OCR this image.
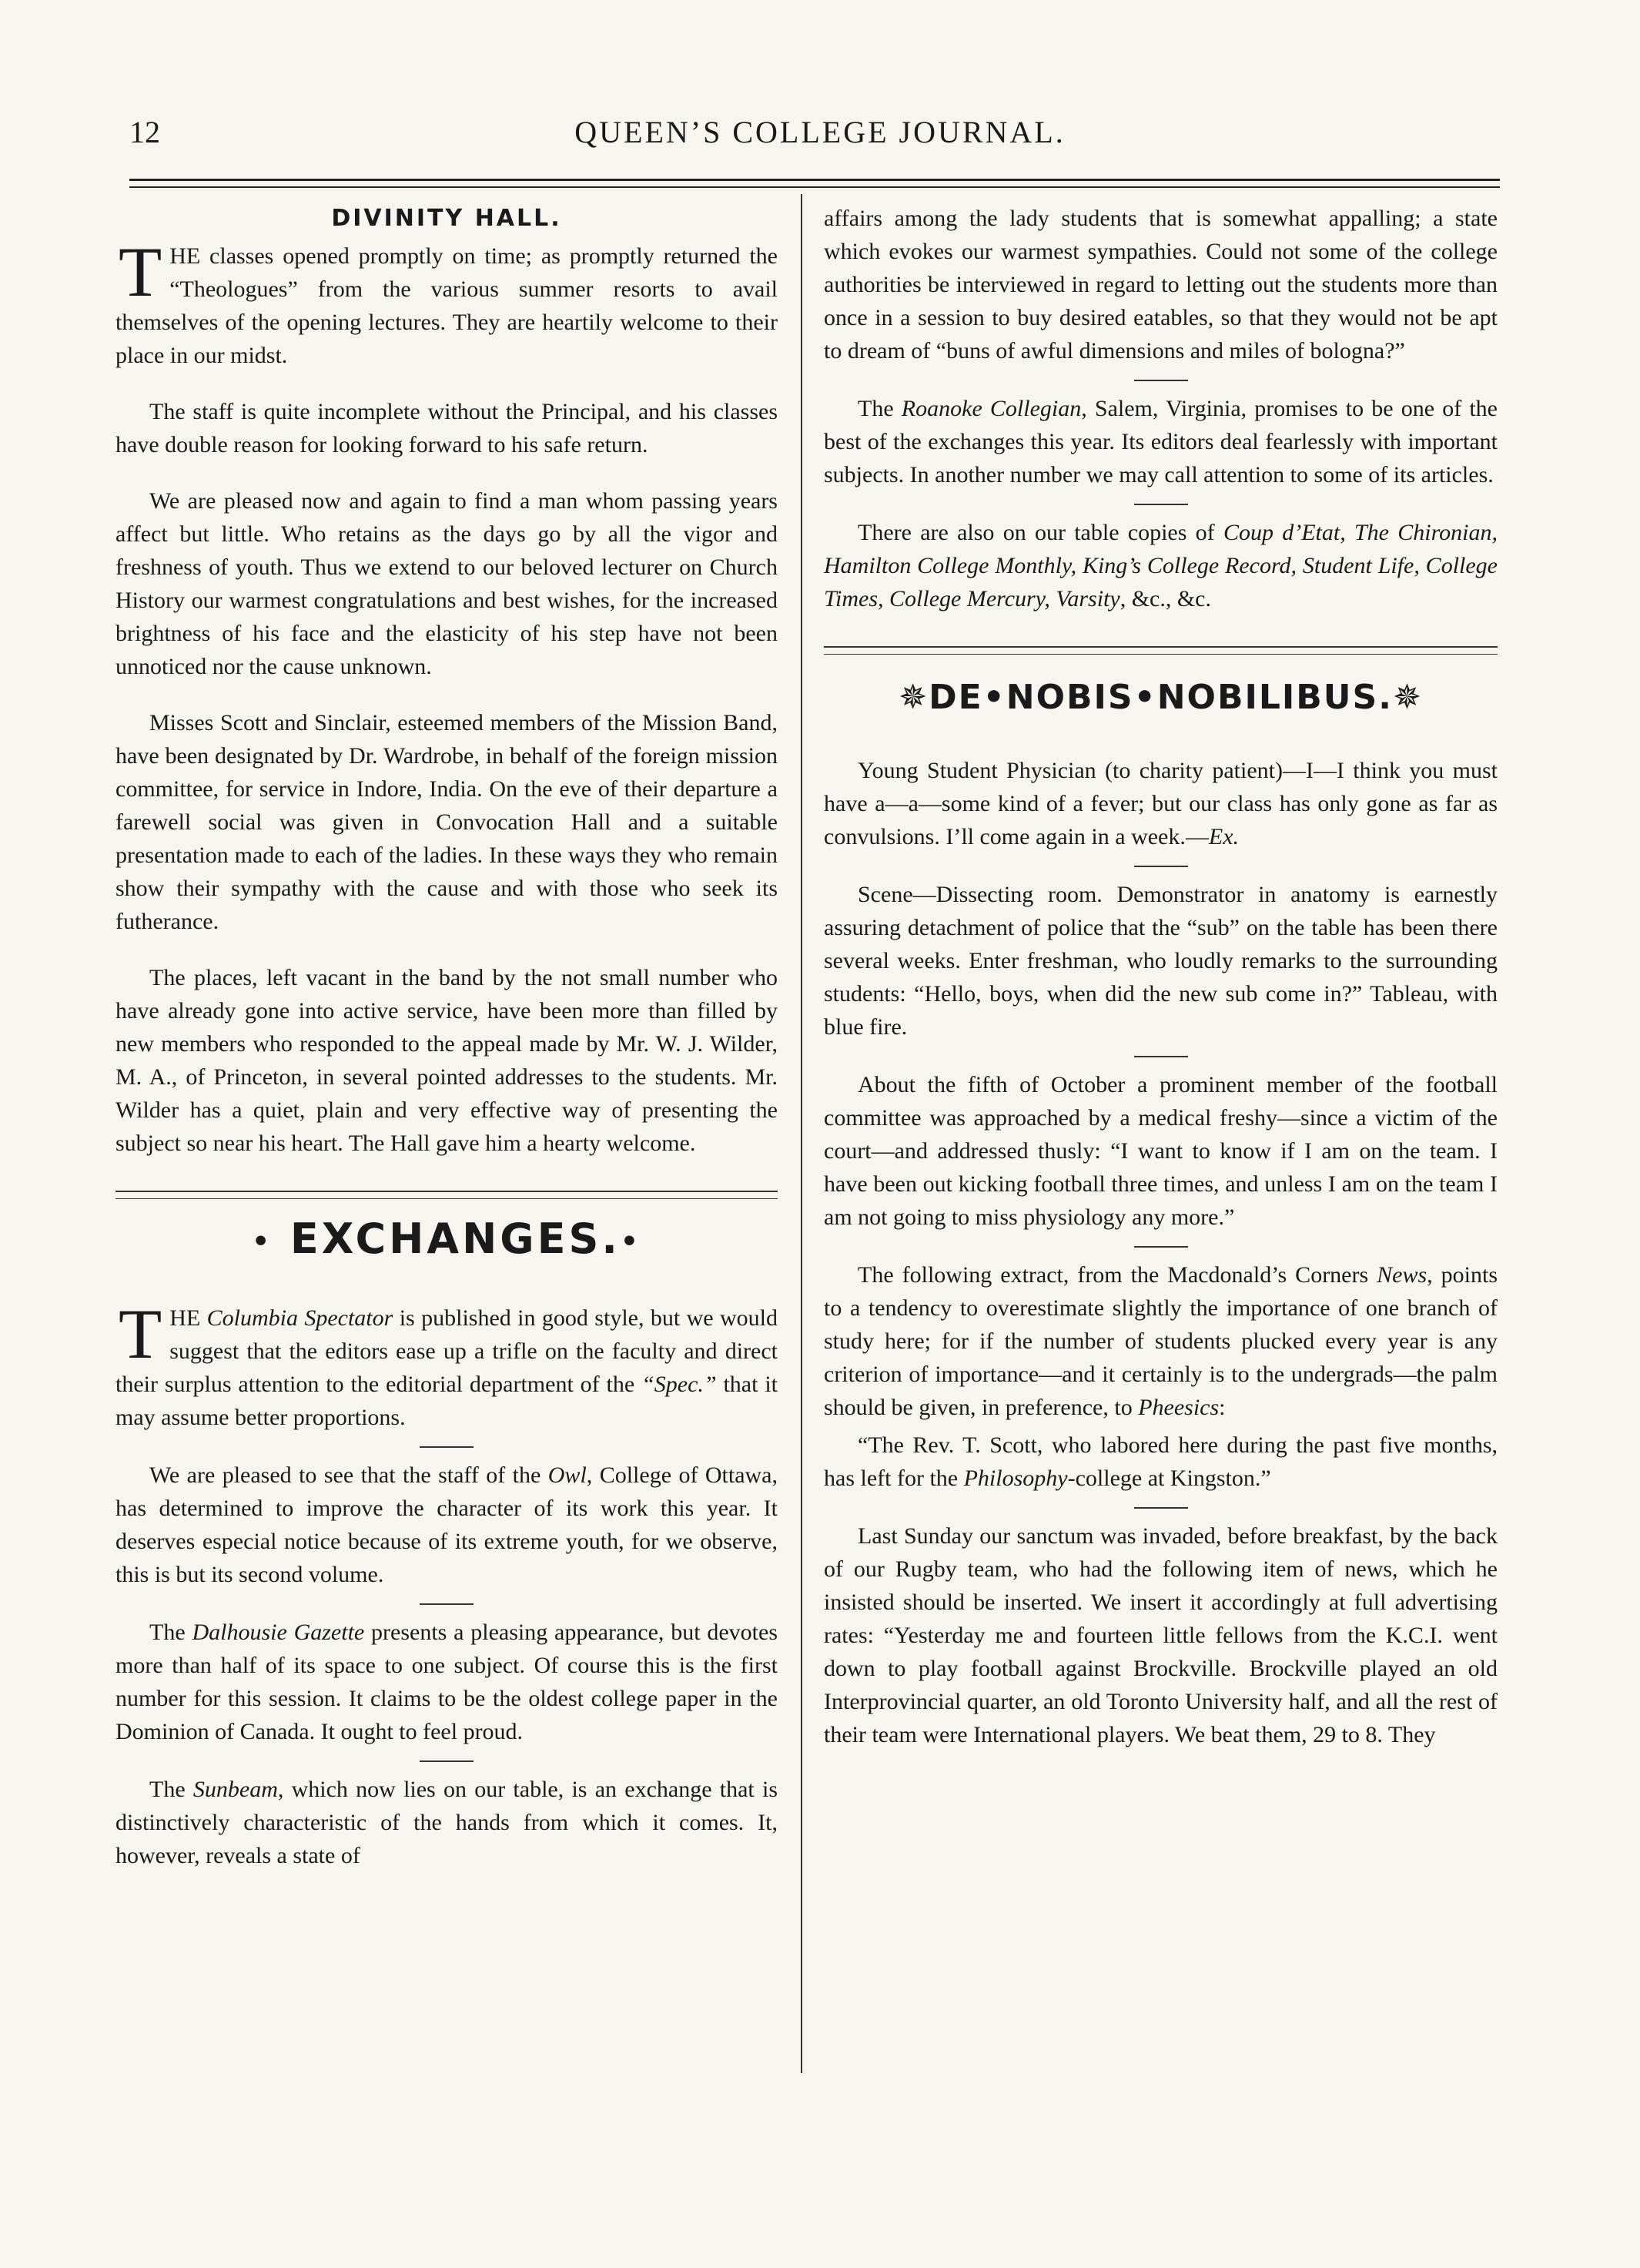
12	QUEEN’S COLLEGE JOURNAL.
DIVINITY HALL.

THE classes opened promptly on time; as promptly returned the “Theologues” from the various summer resorts to avail themselves of the opening lectures. They are heartily welcome to their place in our midst.

The staff is quite incomplete without the Principal, and his classes have double reason for looking forward to his safe return.

We are pleased now and again to find a man whom passing years affect but little. Who retains as the days go by all the vigor and freshness of youth. Thus we extend to our beloved lecturer on Church History our warmest congratulations and best wishes, for the increased brightness of his face and the elasticity of his step have not been unnoticed nor the cause unknown.

Misses Scott and Sinclair, esteemed members of the Mission Band, have been designated by Dr. Wardrobe, in behalf of the foreign mission committee, for service in Indore, India. On the eve of their departure a farewell social was given in Convocation Hall and a suitable presentation made to each of the ladies. In these ways they who remain show their sympathy with the cause and with those who seek its futherance.

The places, left vacant in the band by the not small number who have already gone into active service, have been more than filled by new members who responded to the appeal made by Mr. W. J. Wilder, M. A., of Princeton, in several pointed addresses to the students. Mr. Wilder has a quiet, plain and very effective way of presenting the subject so near his heart. The Hall gave him a hearty welcome.

• EXCHANGES.•

THE Columbia Spectator is published in good style, but we would suggest that the editors ease up a trifle on the faculty and direct their surplus attention to the editorial department of the “Spec.” that it may assume better proportions.

We are pleased to see that the staff of the Owl, College of Ottawa, has determined to improve the character of its work this year. It deserves especial notice because of its extreme youth, for we observe, this is but its second volume.

The Dalhousie Gazette presents a pleasing appearance, but devotes more than half of its space to one subject. Of course this is the first number for this session. It claims to be the oldest college paper in the Dominion of Canada. It ought to feel proud.

The Sunbeam, which now lies on our table, is an exchange that is distinctively characteristic of the hands from which it comes. It, however, reveals a state of

affairs among the lady students that is somewhat appalling; a state which evokes our warmest sympathies. Could not some of the college authorities be interviewed in regard to letting out the students more than once in a session to buy desired eatables, so that they would not be apt to dream of “buns of awful dimensions and miles of bologna?”

The Roanoke Collegian, Salem, Virginia, promises to be one of the best of the exchanges this year. Its editors deal fearlessly with important subjects. In another number we may call attention to some of its articles.

There are also on our table copies of Coup d’Etat, The Chironian, Hamilton College Monthly, King’s College Record, Student Life, College Times, College Mercury, Varsity, &c., &c.

✵DE•NOBIS•NOBILIBUS.✵

Young Student Physician (to charity patient)—I—I think you must have a—a—some kind of a fever; but our class has only gone as far as convulsions. I’ll come again in a week.—Ex.

Scene—Dissecting room. Demonstrator in anatomy is earnestly assuring detachment of police that the “sub” on the table has been there several weeks. Enter freshman, who loudly remarks to the surrounding students: “Hello, boys, when did the new sub come in?” Tableau, with blue fire.

About the fifth of October a prominent member of the football committee was approached by a medical freshy—since a victim of the court—and addressed thusly: “I want to know if I am on the team. I have been out kicking football three times, and unless I am on the team I am not going to miss physiology any more.”

The following extract, from the Macdonald’s Corners News, points to a tendency to overestimate slightly the importance of one branch of study here; for if the number of students plucked every year is any criterion of importance—and it certainly is to the undergrads—the palm should be given, in preference, to Pheesics:

“The Rev. T. Scott, who labored here during the past five months, has left for the Philosophy-college at Kingston.”

Last Sunday our sanctum was invaded, before breakfast, by the back of our Rugby team, who had the following item of news, which he insisted should be inserted. We insert it accordingly at full advertising rates: “Yesterday me and fourteen little fellows from the K.C.I. went down to play football against Brockville. Brockville played an old Interprovincial quarter, an old Toronto University half, and all the rest of their team were International players. We beat them, 29 to 8. They
